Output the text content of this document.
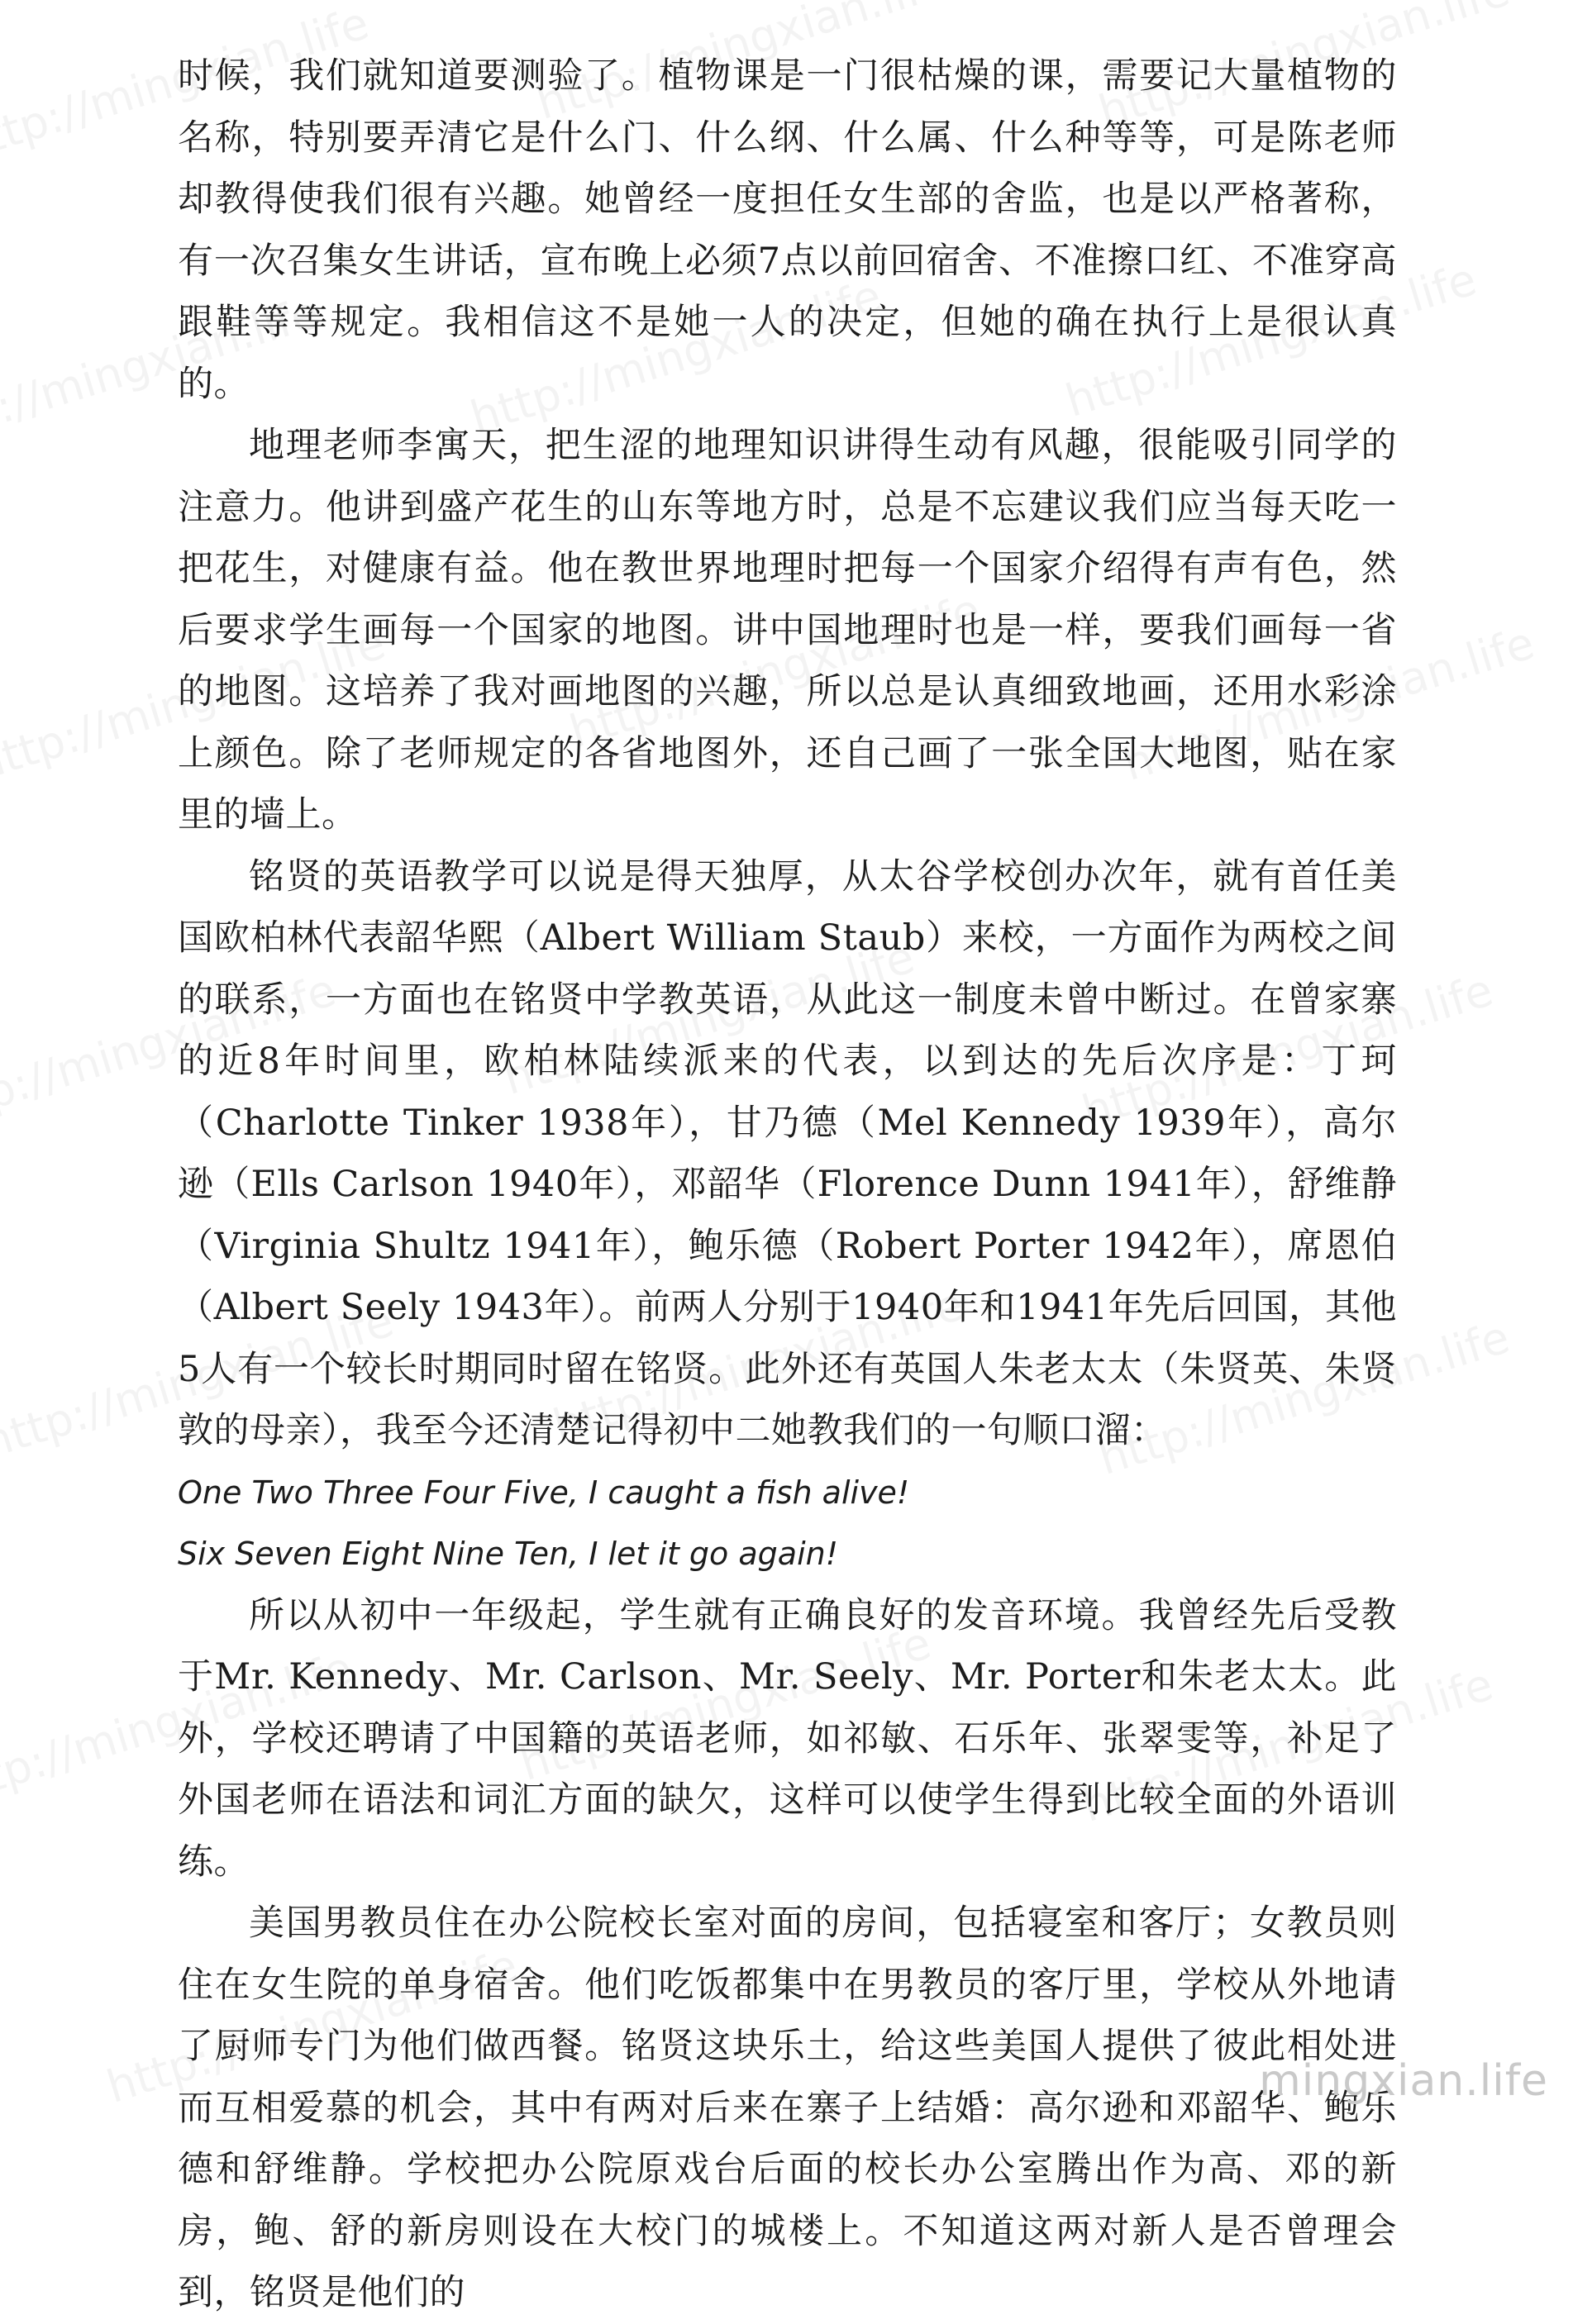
时候，我们就知道要测验了。植物课是一门很枯燥的课，需要记大量植物的名称，特别要弄清它是什么门、什么纲、什么属、什么种等等，可是陈老师却教得使我们很有兴趣。她曾经一度担任女生部的舍监，也是以严格著称，有一次召集女生讲话，宣布晚上必须7点以前回宿舍、不准擦口红、不准穿高跟鞋等等规定。我相信这不是她一人的决定，但她的确在执行上是很认真的。

地理老师李寓天，把生涩的地理知识讲得生动有风趣，很能吸引同学的注意力。他讲到盛产花生的山东等地方时，总是不忘建议我们应当每天吃一把花生，对健康有益。他在教世界地理时把每一个国家介绍得有声有色，然后要求学生画每一个国家的地图。讲中国地理时也是一样，要我们画每一省的地图。这培养了我对画地图的兴趣，所以总是认真细致地画，还用水彩涂上颜色。除了老师规定的各省地图外，还自己画了一张全国大地图，贴在家里的墙上。

铭贤的英语教学可以说是得天独厚，从太谷学校创办次年，就有首任美国欧柏林代表韶华熙（Albert William Staub）来校，一方面作为两校之间的联系，一方面也在铭贤中学教英语，从此这一制度未曾中断过。在曾家寨的近8年时间里，欧柏林陆续派来的代表，以到达的先后次序是：丁珂（Charlotte Tinker 1938年），甘乃德（Mel Kennedy 1939年），高尔逊（Ells Carlson 1940年），邓韶华（Florence Dunn 1941年），舒维静（Virginia Shultz 1941年），鲍乐德（Robert Porter 1942年），席恩伯（Albert Seely 1943年）。前两人分别于1940年和1941年先后回国，其他5人有一个较长时期同时留在铭贤。此外还有英国人朱老太太（朱贤英、朱贤敦的母亲），我至今还清楚记得初中二她教我们的一句顺口溜：

One Two Three Four Five, I caught a fish alive!

Six Seven Eight Nine Ten, I let it go again!

所以从初中一年级起，学生就有正确良好的发音环境。我曾经先后受教于Mr. Kennedy、Mr. Carlson、Mr. Seely、Mr. Porter和朱老太太。此外，学校还聘请了中国籍的英语老师，如祁敏、石乐年、张翠雯等，补足了外国老师在语法和词汇方面的缺欠，这样可以使学生得到比较全面的外语训练。

美国男教员住在办公院校长室对面的房间，包括寝室和客厅；女教员则住在女生院的单身宿舍。他们吃饭都集中在男教员的客厅里，学校从外地请了厨师专门为他们做西餐。铭贤这块乐土，给这些美国人提供了彼此相处进而互相爱慕的机会，其中有两对后来在寨子上结婚：高尔逊和邓韶华、鲍乐德和舒维静。学校把办公院原戏台后面的校长办公室腾出作为高、邓的新房，鲍、舒的新房则设在大校门的城楼上。不知道这两对新人是否曾理会到，铭贤是他们的

mingxian.life
